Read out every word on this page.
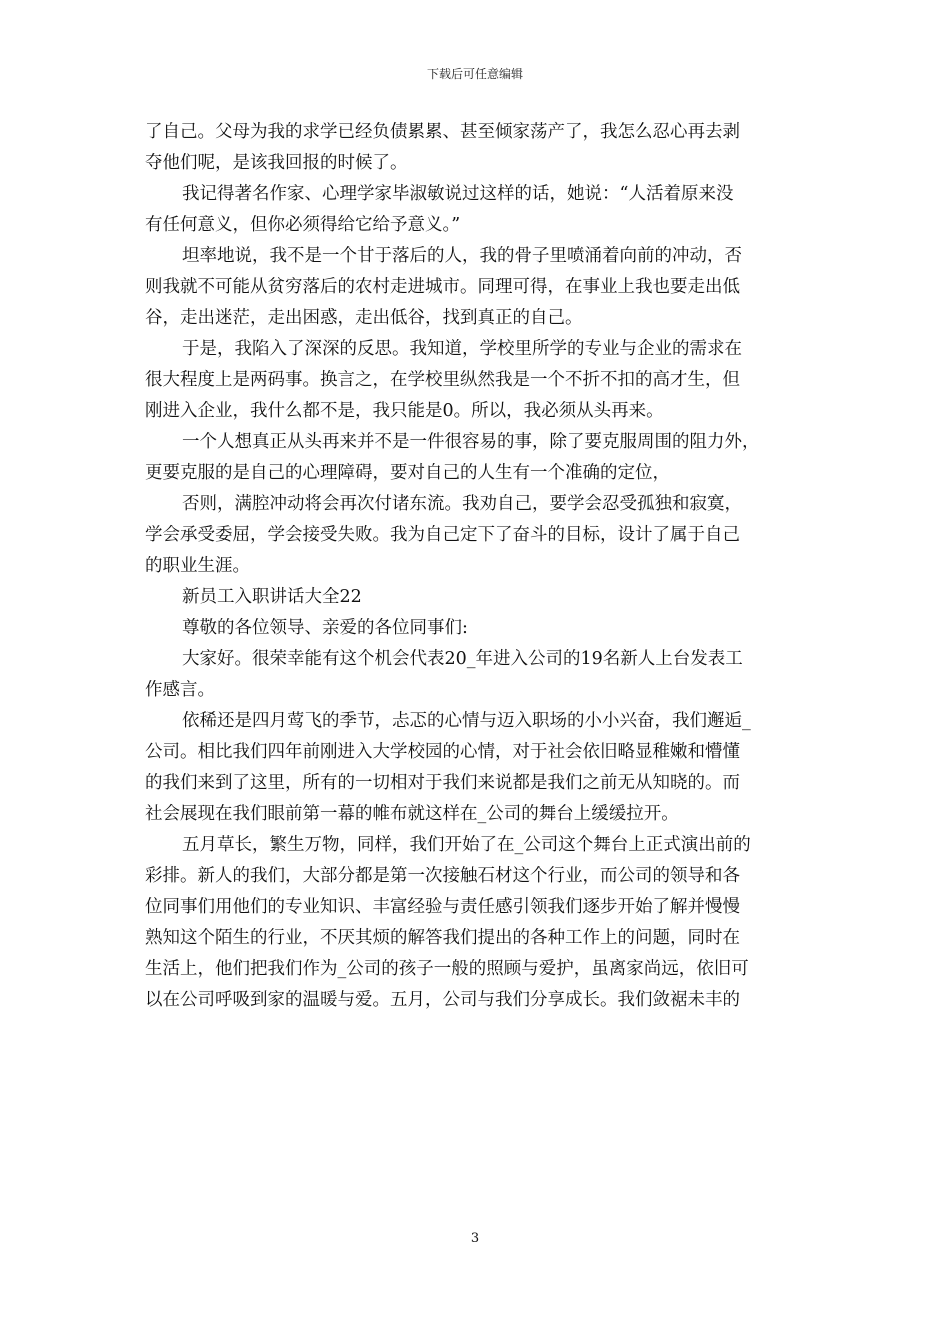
下载后可任意编辑
了自己。父母为我的求学已经负债累累、甚至倾家荡产了，我怎么忍心再去剥
夺他们呢，是该我回报的时候了。
我记得著名作家、心理学家毕淑敏说过这样的话，她说：“人活着原来没
有任何意义，但你必须得给它给予意义。”
坦率地说，我不是一个甘于落后的人，我的骨子里喷涌着向前的冲动，否
则我就不可能从贫穷落后的农村走进城市。同理可得，在事业上我也要走出低
谷，走出迷茫，走出困惑，走出低谷，找到真正的自己。
于是，我陷入了深深的反思。我知道，学校里所学的专业与企业的需求在
很大程度上是两码事。换言之，在学校里纵然我是一个不折不扣的高才生，但
刚进入企业，我什么都不是，我只能是0。所以，我必须从头再来。
一个人想真正从头再来并不是一件很容易的事，除了要克服周围的阻力外，
更要克服的是自己的心理障碍，要对自己的人生有一个准确的定位，
否则，满腔冲动将会再次付诸东流。我劝自己，要学会忍受孤独和寂寞，
学会承受委屈，学会接受失败。我为自己定下了奋斗的目标，设计了属于自己
的职业生涯。
新员工入职讲话大全22
尊敬的各位领导、亲爱的各位同事们:
大家好。很荣幸能有这个机会代表20_年进入公司的19名新人上台发表工
作感言。
依稀还是四月莺飞的季节，忐忑的心情与迈入职场的小小兴奋，我们邂逅_
公司。相比我们四年前刚进入大学校园的心情，对于社会依旧略显稚嫩和懵懂
的我们来到了这里，所有的一切相对于我们来说都是我们之前无从知晓的。而
社会展现在我们眼前第一幕的帷布就这样在_公司的舞台上缓缓拉开。
五月草长，繁生万物，同样，我们开始了在_公司这个舞台上正式演出前的
彩排。新人的我们，大部分都是第一次接触石材这个行业，而公司的领导和各
位同事们用他们的专业知识、丰富经验与责任感引领我们逐步开始了解并慢慢
熟知这个陌生的行业，不厌其烦的解答我们提出的各种工作上的问题，同时在
生活上，他们把我们作为_公司的孩子一般的照顾与爱护，虽离家尚远，依旧可
以在公司呼吸到家的温暖与爱。五月，公司与我们分享成长。我们敛裾未丰的
3
